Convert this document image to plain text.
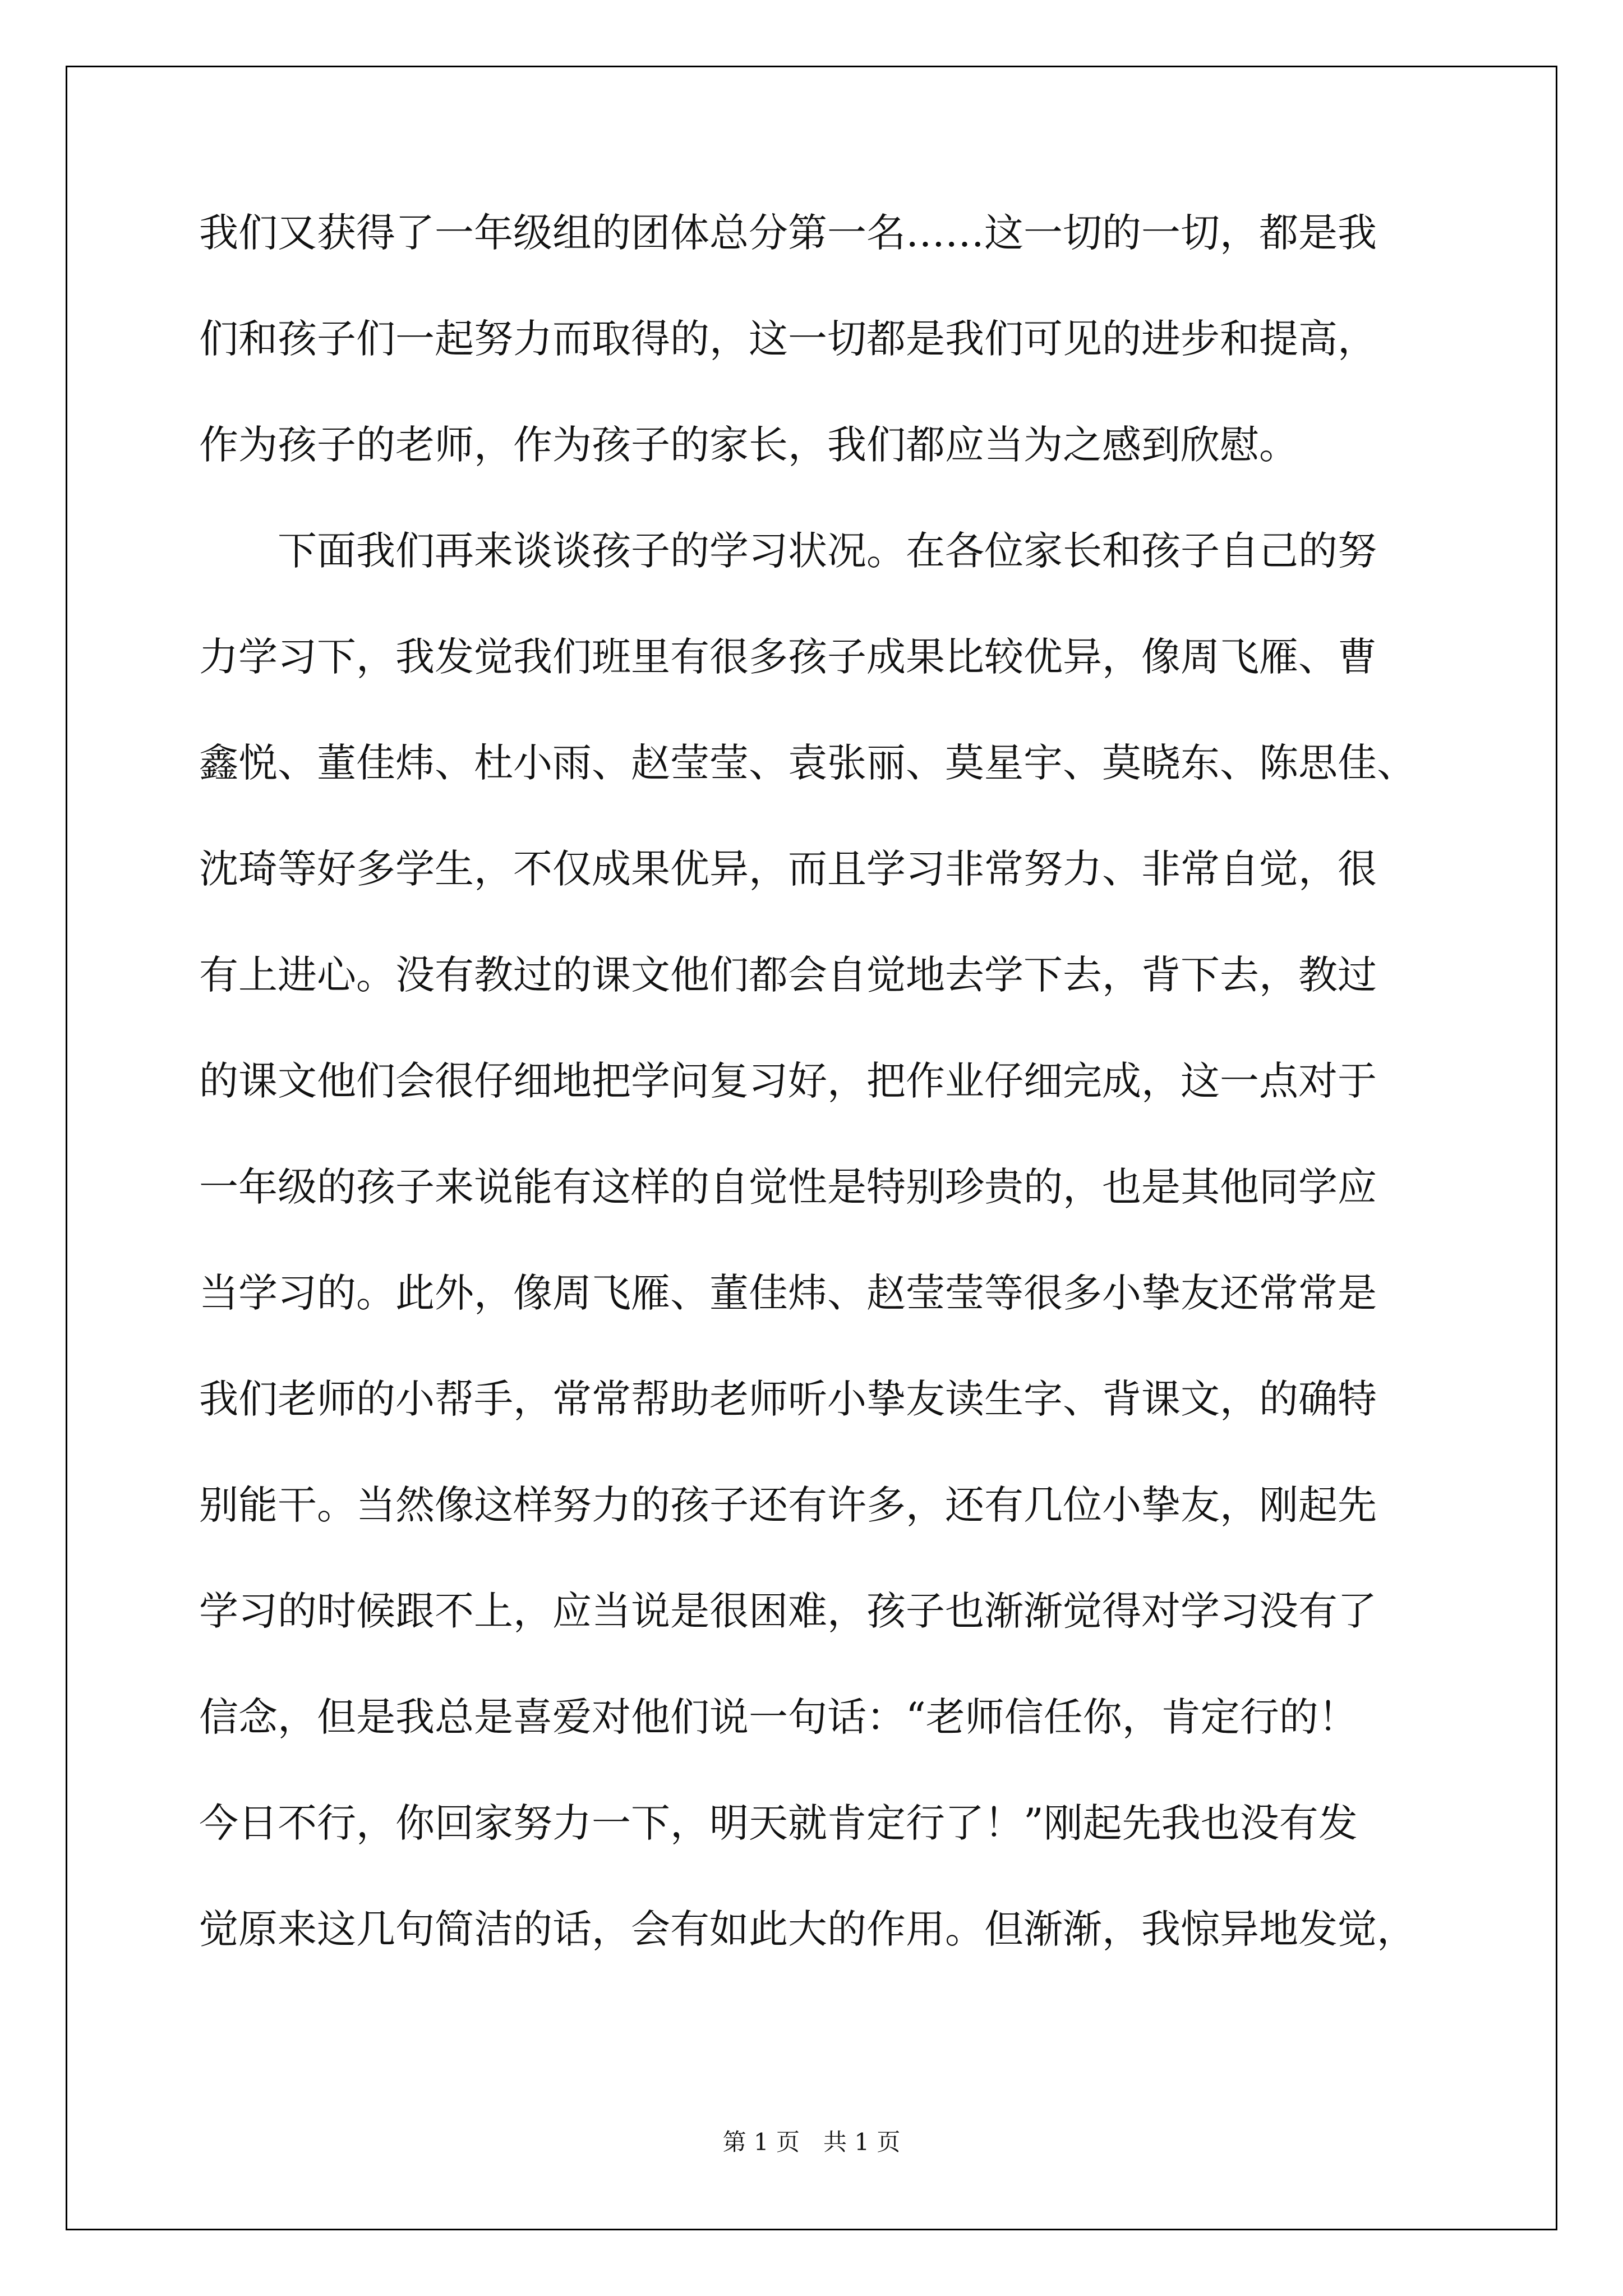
我们又获得了一年级组的团体总分第一名……这一切的一切，都是我

们和孩子们一起努力而取得的，这一切都是我们可见的进步和提高，

作为孩子的老师，作为孩子的家长，我们都应当为之感到欣慰。

　　下面我们再来谈谈孩子的学习状况。在各位家长和孩子自己的努

力学习下，我发觉我们班里有很多孩子成果比较优异，像周飞雁、曹

鑫悦、董佳炜、杜小雨、赵莹莹、袁张丽、莫星宇、莫晓东、陈思佳、

沈琦等好多学生，不仅成果优异，而且学习非常努力、非常自觉，很

有上进心。没有教过的课文他们都会自觉地去学下去，背下去，教过

的课文他们会很仔细地把学问复习好，把作业仔细完成，这一点对于

一年级的孩子来说能有这样的自觉性是特别珍贵的，也是其他同学应

当学习的。此外，像周飞雁、董佳炜、赵莹莹等很多小挚友还常常是

我们老师的小帮手，常常帮助老师听小挚友读生字、背课文，的确特

别能干。当然像这样努力的孩子还有许多，还有几位小挚友，刚起先

学习的时候跟不上，应当说是很困难，孩子也渐渐觉得对学习没有了

信念，但是我总是喜爱对他们说一句话：“老师信任你，肯定行的！

今日不行，你回家努力一下，明天就肯定行了！”刚起先我也没有发

觉原来这几句简洁的话，会有如此大的作用。但渐渐，我惊异地发觉，

第 1 页　共 1 页
